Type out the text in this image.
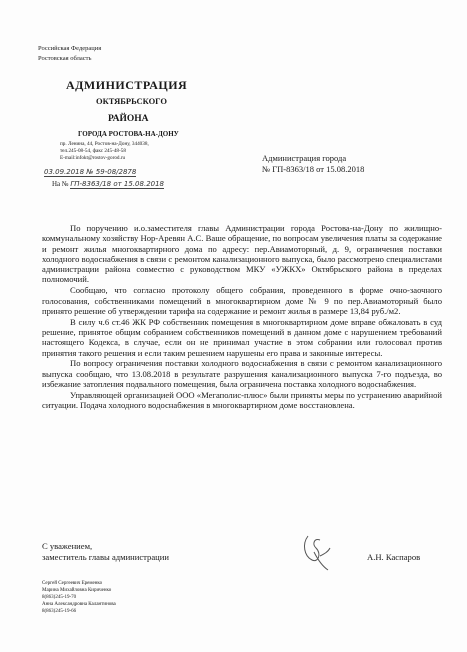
Российская Федерация
Ростовская область
АДМИНИСТРАЦИЯ
ОКТЯБРЬСКОГО
РАЙОНА
ГОРОДА РОСТОВА-НА-ДОНУ
пр. Ленина, 44, Ростов-на-Дону, 344038,
тел.245-08-54, факс 245-48-58
E-mail:infokt@rostov-gorod.ru
03.09.2018 № 59-08/2878
На № ГП-8363/18 от 15.08.2018
Администрация города
№ ГП-8363/18 от 15.08.2018

По поручению и.о.заместителя главы Администрации города Ростова-на-Дону по жилищно-коммунальному хозяйству Нор-Аревян А.С. Ваше обращение, по вопросам увеличения платы за содержание и ремонт жилья многоквартирного дома по адресу: пер.Авиамоторный, д. 9, ограничения поставки холодного водоснабжения в связи с ремонтом канализационного выпуска, было рассмотрено специалистами администрации района совместно с руководством МКУ «УЖКХ» Октябрьского района в пределах полномочий.

Сообщаю, что согласно протоколу общего собрания, проведенного в форме очно-заочного голосования, собственниками помещений в многоквартирном доме № 9 по пер.Авиамоторный было принято решение об утверждении тарифа на содержание и ремонт жилья в размере 13,84 руб./м2.

В силу ч.6 ст.46 ЖК РФ собственник помещения в многоквартирном доме вправе обжаловать в суд решение, принятое общим собранием собственников помещений в данном доме с нарушением требований настоящего Кодекса, в случае, если он не принимал участие в этом собрании или голосовал против принятия такого решения и если таким решением нарушены его права и законные интересы.

По вопросу ограничения поставки холодного водоснабжения в связи с ремонтом канализационного выпуска сообщаю, что 13.08.2018 в результате разрушения канализационного выпуска 7-го подъезда, во избежание затопления подвального помещения, была ограничена поставка холодного водоснабжения.

Управляющей организацией ООО «Мегаполис-плюс» были приняты меры по устранению аварийной ситуации. Подача холодного водоснабжения в многоквартирном доме восстановлена.

С уважением,
заместитель главы администрации	А.Н. Каспаров
Сергей Сергеевич Еременко
Марина Михайловна Кириченко
8(863)245-19-70
Анна Александровна Калантинова
8(863)245-19-66
